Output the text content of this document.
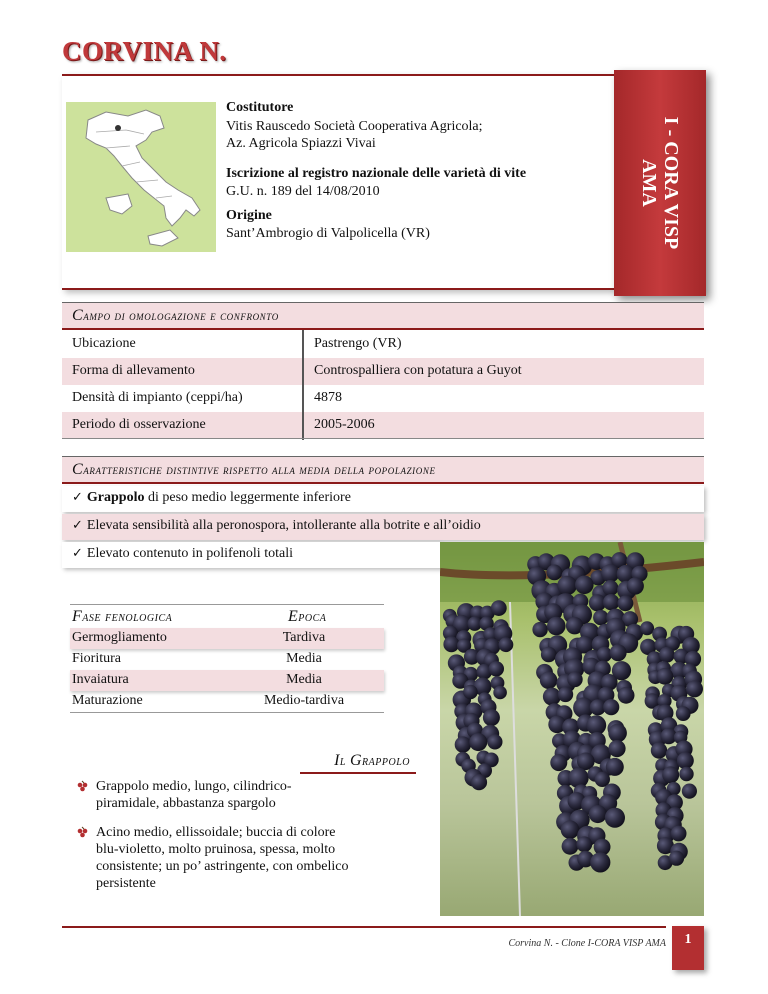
CORVINA N.
Costitutore
Vitis Rauscedo Società Cooperativa Agricola;
Az. Agricola Spiazzi Vivai
Iscrizione al registro nazionale delle varietà di vite
G.U. n. 189 del 14/08/2010
Origine
Sant’Ambrogio di Valpolicella (VR)	I - CORA VISP
AMA
Campo di omologazione e confronto
Ubicazione	Pastrengo (VR)
Forma di allevamento	Controspalliera con potatura a Guyot
Densità di impianto (ceppi/ha)	4878
Periodo di osservazione	2005-2006
Caratteristiche distintive rispetto alla media della popolazione
✓ Grappolo di peso medio leggermente inferiore
✓ Elevata sensibilità alla peronospora, intollerante alla botrite e all’oidio
✓ Elevato contenuto in polifenoli totali
Fase fenologica	Epoca
Germogliamento	Tardiva
Fioritura	Media
Invaiatura	Media
Maturazione	Medio-tardiva
Il Grappolo
Grappolo medio, lungo, cilindrico-
piramidale, abbastanza spargolo
Acino medio, ellissoidale; buccia di colore
blu-violetto, molto pruinosa, spessa, molto
consistente; un po’ astringente, con ombelico
persistente
Corvina N. - Clone I-CORA VISP AMA	1
